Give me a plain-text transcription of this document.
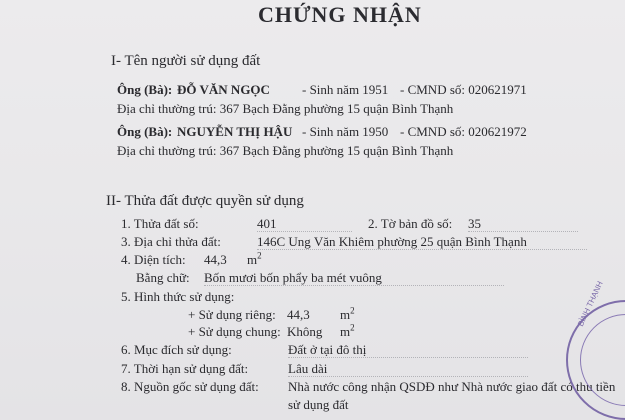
CHỨNG NHẬN
I- Tên người sử dụng đất
Ông (Bà): ĐỖ VĂN NGỌC - Sinh năm 1951 - CMND số: 020621971
Địa chỉ thường trú: 367 Bạch Đằng phường 15 quận Bình Thạnh
Ông (Bà): NGUYỄN THỊ HẬU - Sinh năm 1950 - CMND số: 020621972
Địa chỉ thường trú: 367 Bạch Đằng phường 15 quận Bình Thạnh
II- Thửa đất được quyền sử dụng
1. Thửa đất số:	401	2. Tờ bản đồ số: 35
3. Địa chỉ thửa đất:	146C Ung Văn Khiêm phường 25 quận Bình Thạnh
4. Diện tích: 44,3 $m^2$
Bằng chữ: Bốn mươi bốn phẩy ba mét vuông
5. Hình thức sử dụng:
+ Sử dụng riêng: 44,3 $m^2$
+ Sử dụng chung: Không $m^2$
6. Mục đích sử dụng:	Đất ở tại đô thị
7. Thời hạn sử dụng đất:	Lâu dài
8. Nguồn gốc sử dụng đất: Nhà nước công nhận QSDĐ như Nhà nước giao đất có thu tiền
sử dụng đất
BÌNH THẠNH
